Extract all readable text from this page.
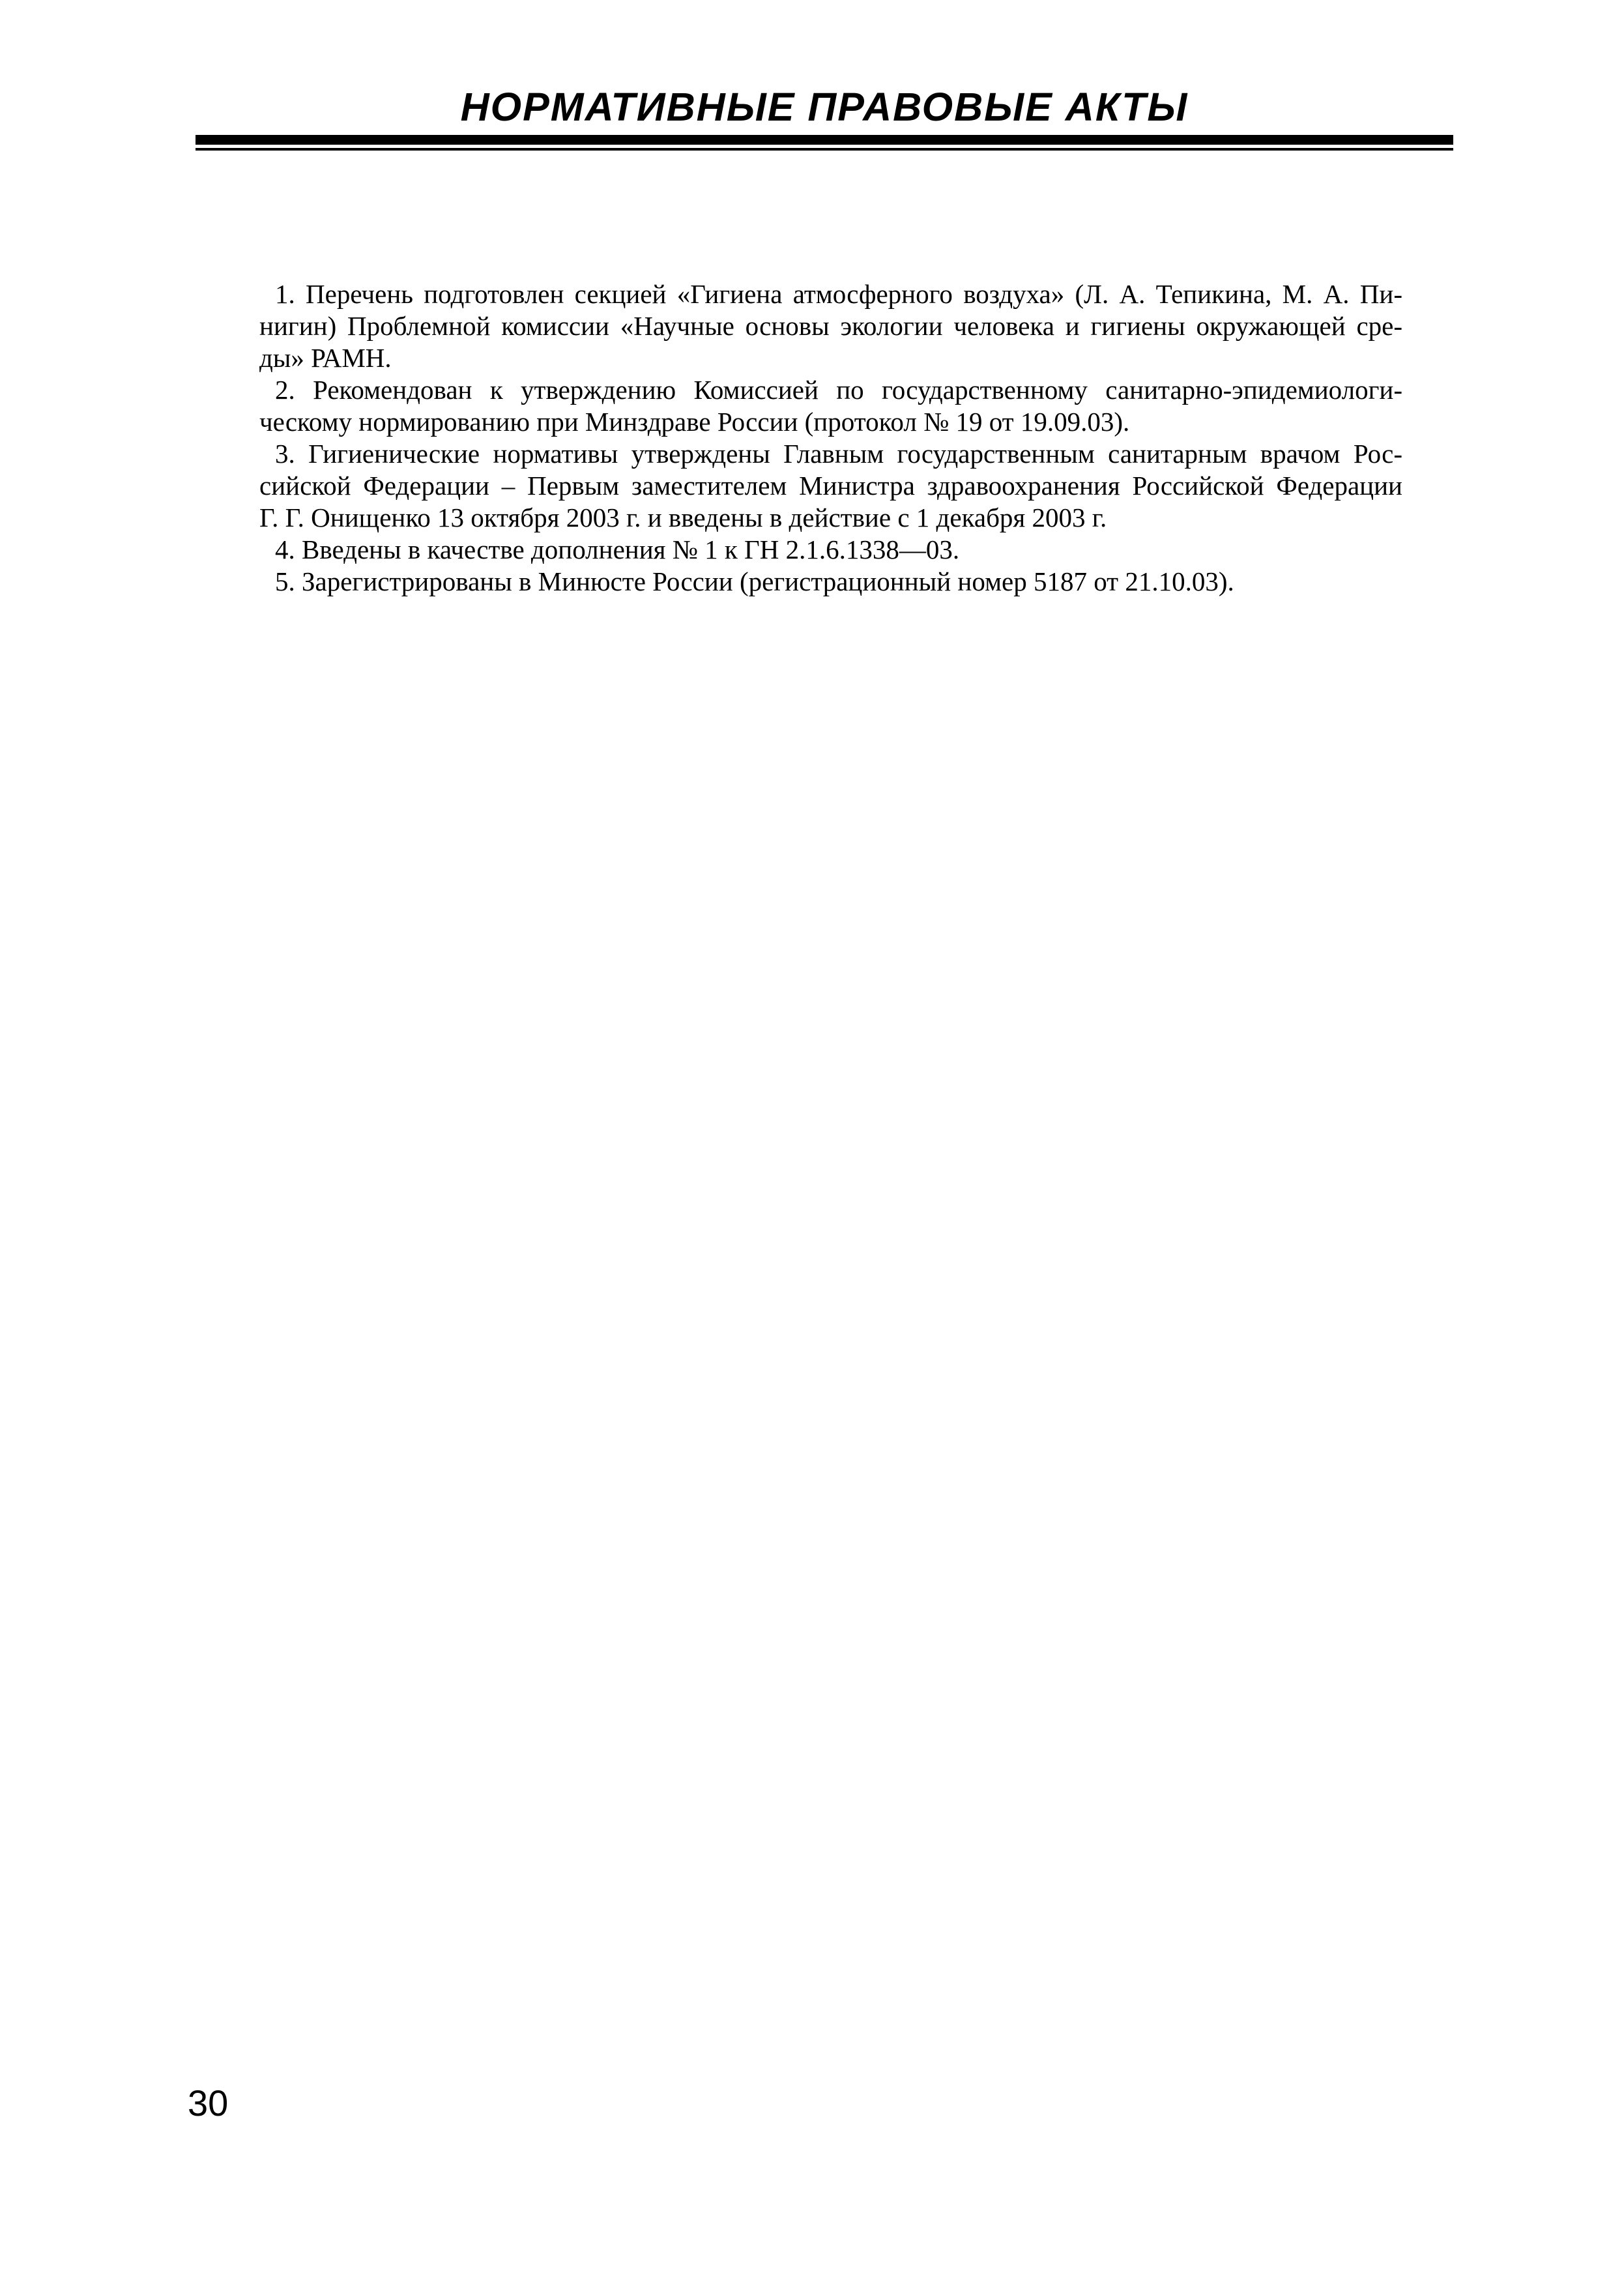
НОРМАТИВНЫЕ ПРАВОВЫЕ АКТЫ

1. Перечень подготовлен секцией «Гигиена атмосферного воздуха» (Л. А. Тепикина, М. А. Пи-
нигин) Проблемной комиссии «Научные основы экологии человека и гигиены окружающей сре-
ды» РАМН.

2. Рекомендован к утверждению Комиссией по государственному санитарно-эпидемиологи-
ческому нормированию при Минздраве России (протокол № 19 от 19.09.03).

3. Гигиенические нормативы утверждены Главным государственным санитарным врачом Рос-
сийской Федерации – Первым заместителем Министра здравоохранения Российской Федерации
Г. Г. Онищенко 13 октября 2003 г. и введены в действие с 1 декабря 2003 г.

4. Введены в качестве дополнения № 1 к ГН 2.1.6.1338—03.

5. Зарегистрированы в Минюсте России (регистрационный номер 5187 от 21.10.03).

30
